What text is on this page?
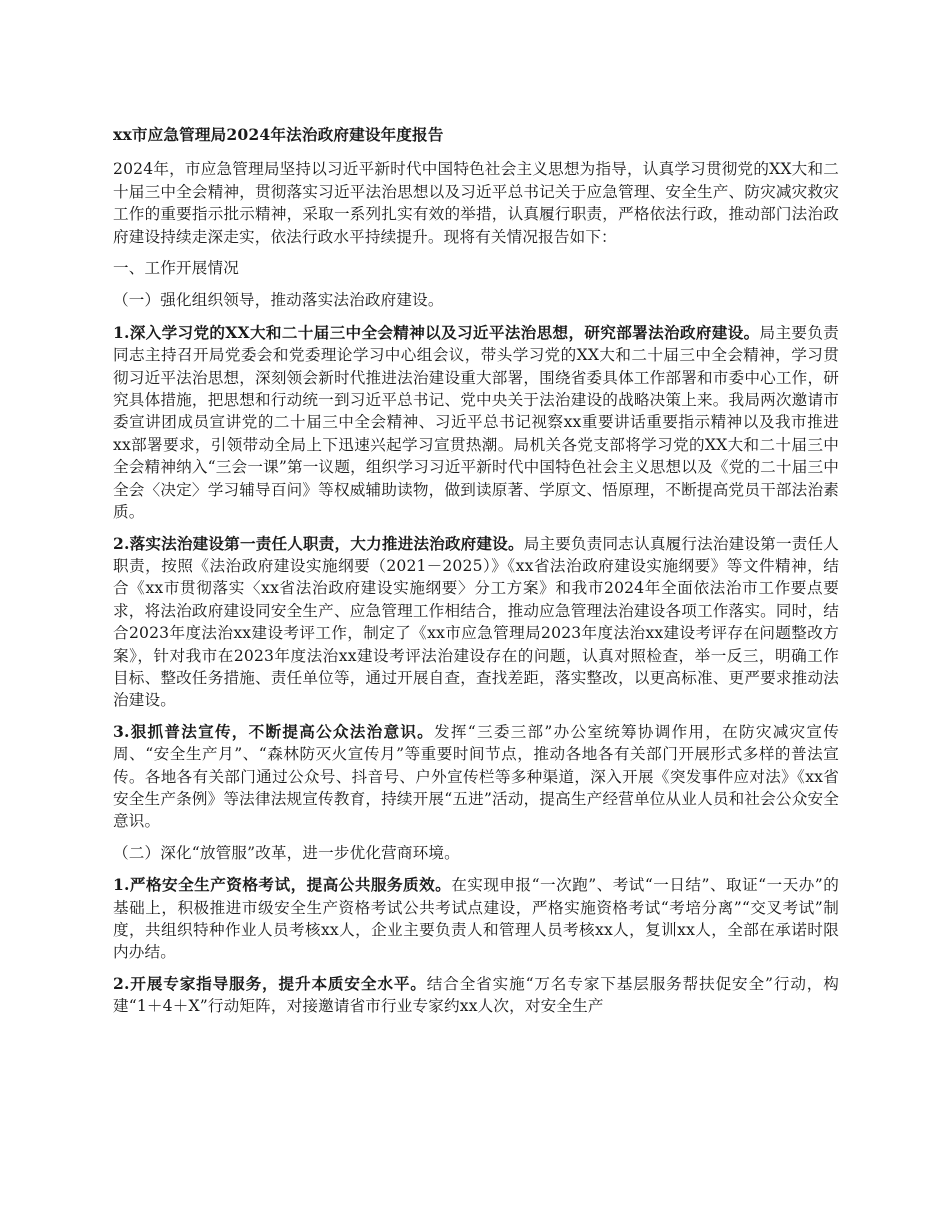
xx市应急管理局2024年法治政府建设年度报告

2024年，市应急管理局坚持以习近平新时代中国特色社会主义思想为指导，认真学习贯彻党的XX大和二十届三中全会精神，贯彻落实习近平法治思想以及习近平总书记关于应急管理、安全生产、防灾减灾救灾工作的重要指示批示精神，采取一系列扎实有效的举措，认真履行职责，严格依法行政，推动部门法治政府建设持续走深走实，依法行政水平持续提升。现将有关情况报告如下：

一、工作开展情况

（一）强化组织领导，推动落实法治政府建设。

1.深入学习党的XX大和二十届三中全会精神以及习近平法治思想，研究部署法治政府建设。局主要负责同志主持召开局党委会和党委理论学习中心组会议，带头学习党的XX大和二十届三中全会精神，学习贯彻习近平法治思想，深刻领会新时代推进法治建设重大部署，围绕省委具体工作部署和市委中心工作，研究具体措施，把思想和行动统一到习近平总书记、党中央关于法治建设的战略决策上来。我局两次邀请市委宣讲团成员宣讲党的二十届三中全会精神、习近平总书记视察xx重要讲话重要指示精神以及我市推进xx部署要求，引领带动全局上下迅速兴起学习宣贯热潮。局机关各党支部将学习党的XX大和二十届三中全会精神纳入“三会一课”第一议题，组织学习习近平新时代中国特色社会主义思想以及《党的二十届三中全会〈决定〉学习辅导百问》等权威辅助读物，做到读原著、学原文、悟原理，不断提高党员干部法治素质。

2.落实法治建设第一责任人职责，大力推进法治政府建设。局主要负责同志认真履行法治建设第一责任人职责，按照《法治政府建设实施纲要（2021－2025）》《xx省法治政府建设实施纲要》等文件精神，结合《xx市贯彻落实〈xx省法治政府建设实施纲要〉分工方案》和我市2024年全面依法治市工作要点要求，将法治政府建设同安全生产、应急管理工作相结合，推动应急管理法治建设各项工作落实。同时，结合2023年度法治xx建设考评工作，制定了《xx市应急管理局2023年度法治xx建设考评存在问题整改方案》，针对我市在2023年度法治xx建设考评法治建设存在的问题，认真对照检查，举一反三，明确工作目标、整改任务措施、责任单位等，通过开展自查，查找差距，落实整改，以更高标准、更严要求推动法治建设。

3.狠抓普法宣传，不断提高公众法治意识。发挥“三委三部”办公室统筹协调作用，在防灾减灾宣传周、“安全生产月”、“森林防灭火宣传月”等重要时间节点，推动各地各有关部门开展形式多样的普法宣传。各地各有关部门通过公众号、抖音号、户外宣传栏等多种渠道，深入开展《突发事件应对法》《xx省安全生产条例》等法律法规宣传教育，持续开展“五进”活动，提高生产经营单位从业人员和社会公众安全意识。

（二）深化“放管服”改革，进一步优化营商环境。

1.严格安全生产资格考试，提高公共服务质效。在实现申报“一次跑”、考试“一日结”、取证“一天办”的基础上，积极推进市级安全生产资格考试公共考试点建设，严格实施资格考试“考培分离”“交叉考试”制度，共组织特种作业人员考核xx人，企业主要负责人和管理人员考核xx人，复训xx人，全部在承诺时限内办结。

2.开展专家指导服务，提升本质安全水平。结合全省实施“万名专家下基层服务帮扶促安全”行动，构建“1＋4＋X”行动矩阵，对接邀请省市行业专家约xx人次，对安全生产
